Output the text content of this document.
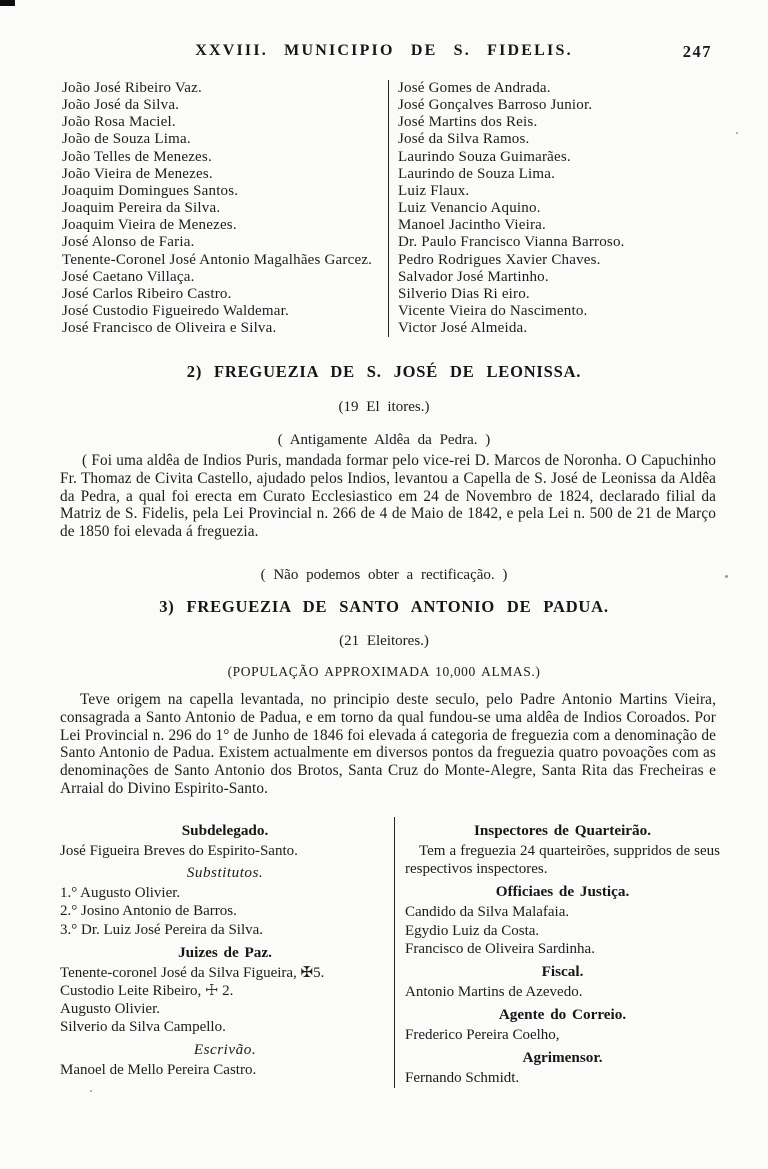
XXVIII. MUNICIPIO DE S. FIDELIS.	247
João José Ribeiro Vaz.
João José da Silva.
João Rosa Maciel.
João de Souza Lima.
João Telles de Menezes.
João Vieira de Menezes.
Joaquim Domingues Santos.
Joaquim Pereira da Silva.
Joaquim Vieira de Menezes.
José Alonso de Faria.
Tenente-Coronel José Antonio Magalhães Garcez.
José Caetano Villaça.
José Carlos Ribeiro Castro.
José Custodio Figueiredo Waldemar.
José Francisco de Oliveira e Silva.
José Gomes de Andrada.
José Gonçalves Barroso Junior.
José Martins dos Reis.
José da Silva Ramos.
Laurindo Souza Guimarães.
Laurindo de Souza Lima.
Luiz Flaux.
Luiz Venancio Aquino.
Manoel Jacintho Vieira.
Dr. Paulo Francisco Vianna Barroso.
Pedro Rodrigues Xavier Chaves.
Salvador José Martinho.
Silverio Dias Ri eiro.
Vicente Vieira do Nascimento.
Victor José Almeida.
2) FREGUEZIA DE S. JOSÉ DE LEONISSA.
(19 El itores.)
( Antigamente Aldêa da Pedra. )
( Foi uma aldêa de Indios Puris, mandada formar pelo vice-rei D. Marcos de Noronha. O Capuchinho Fr. Thomaz de Civita Castello, ajudado pelos Indios, levantou a Capella de S. José de Leonissa da Aldêa da Pedra, a qual foi erecta em Curato Ecclesiastico em 24 de Novembro de 1824, declarado filial da Matriz de S. Fidelis, pela Lei Provincial n. 266 de 4 de Maio de 1842, e pela Lei n. 500 de 21 de Março de 1850 foi elevada á freguezia.
( Não podemos obter a rectificação. )
3) FREGUEZIA DE SANTO ANTONIO DE PADUA.
(21 Eleitores.)
(POPULAÇÃO APPROXIMADA 10,000 ALMAS.)
Teve origem na capella levantada, no principio deste seculo, pelo Padre Antonio Martins Vieira, consagrada a Santo Antonio de Padua, e em torno da qual fundou-se uma aldêa de Indios Coroados. Por Lei Provincial n. 296 do 1° de Junho de 1846 foi elevada á categoria de freguezia com a denominação de Santo Antonio de Padua. Existem actualmente em diversos pontos da freguezia quatro povoações com as denominações de Santo Antonio dos Brotos, Santa Cruz do Monte-Alegre, Santa Rita das Frecheiras e Arraial do Divino Espirito-Santo.
Subdelegado.
José Figueira Breves do Espirito-Santo.
Substitutos.
1.° Augusto Olivier.
2.° Josino Antonio de Barros.
3.° Dr. Luiz José Pereira da Silva.
Juizes de Paz.
Tenente-coronel José da Silva Figueira, ✠5.
Custodio Leite Ribeiro, ☩ 2.
Augusto Olivier.
Silverio da Silva Campello.
Escrivão.
Manoel de Mello Pereira Castro.
Inspectores de Quarteirão.
Tem a freguezia 24 quarteirões, suppridos de seus respectivos inspectores.
Officiaes de Justiça.
Candido da Silva Malafaia.
Egydio Luiz da Costa.
Francisco de Oliveira Sardinha.
Fiscal.
Antonio Martins de Azevedo.
Agente do Correio.
Frederico Pereira Coelho,
Agrimensor.
Fernando Schmidt.
